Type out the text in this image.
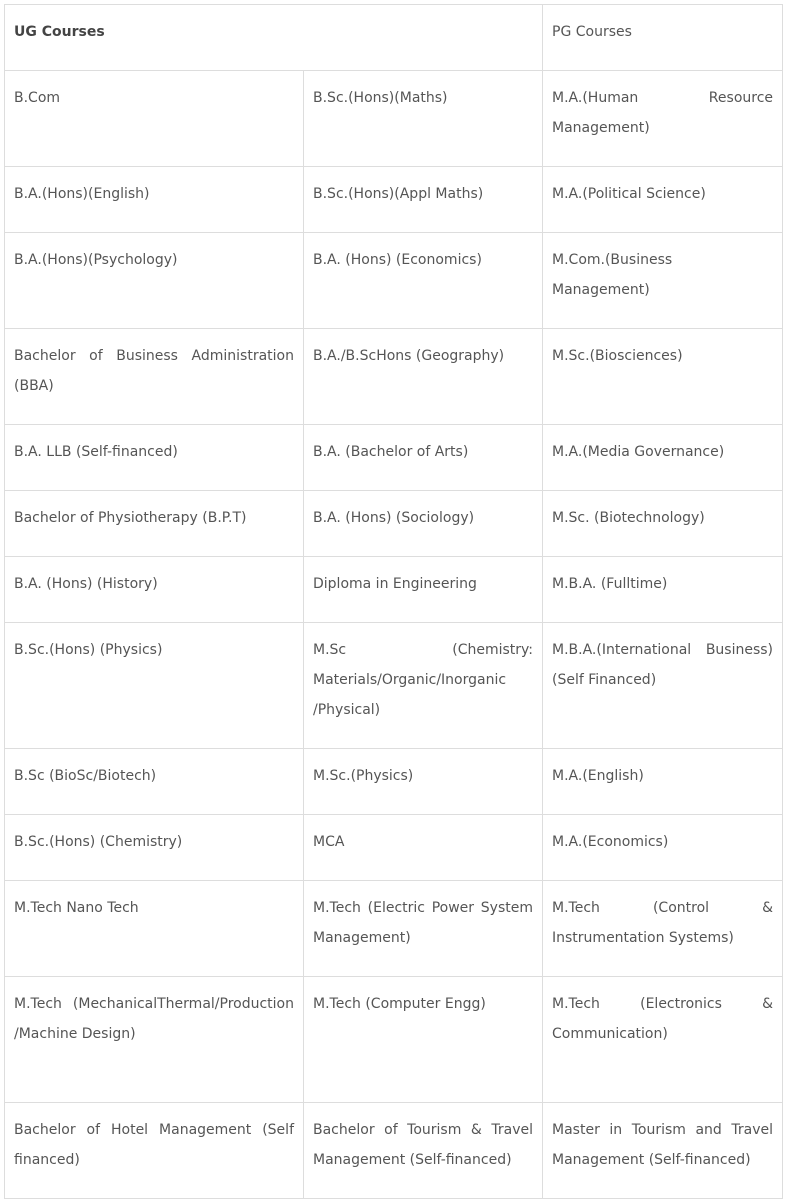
UG Courses		PG Courses
B.Com	B.Sc.(Hons)(Maths)	M.A.(Human Resource Management)
B.A.(Hons)(English)	B.Sc.(Hons)(Appl Maths)	M.A.(Political Science)
B.A.(Hons)(Psychology)	B.A. (Hons) (Economics)	M.Com.(Business Management)
Bachelor of Business Administration (BBA)	B.A./B.ScHons (Geography)	M.Sc.(Biosciences)
B.A. LLB (Self-financed)	B.A. (Bachelor of Arts)	M.A.(Media Governance)
Bachelor of Physiotherapy (B.P.T)	B.A. (Hons) (Sociology)	M.Sc. (Biotechnology)
B.A. (Hons) (History)	Diploma in Engineering	M.B.A. (Fulltime)
B.Sc.(Hons) (Physics)	M.Sc (Chemistry: Materials/Organic/Inorganic /Physical)	M.B.A.(International Business) (Self Financed)
B.Sc (BioSc/Biotech)	M.Sc.(Physics)	M.A.(English)
B.Sc.(Hons) (Chemistry)	MCA	M.A.(Economics)
M.Tech Nano Tech	M.Tech (Electric Power System Management)	M.Tech (Control & Instrumentation Systems)
M.Tech (MechanicalThermal/Production /Machine Design)	M.Tech (Computer Engg)	M.Tech (Electronics & Communication)
Bachelor of Hotel Management (Self financed)	Bachelor of Tourism & Travel Management (Self-financed)	Master in Tourism and Travel Management (Self-financed)
